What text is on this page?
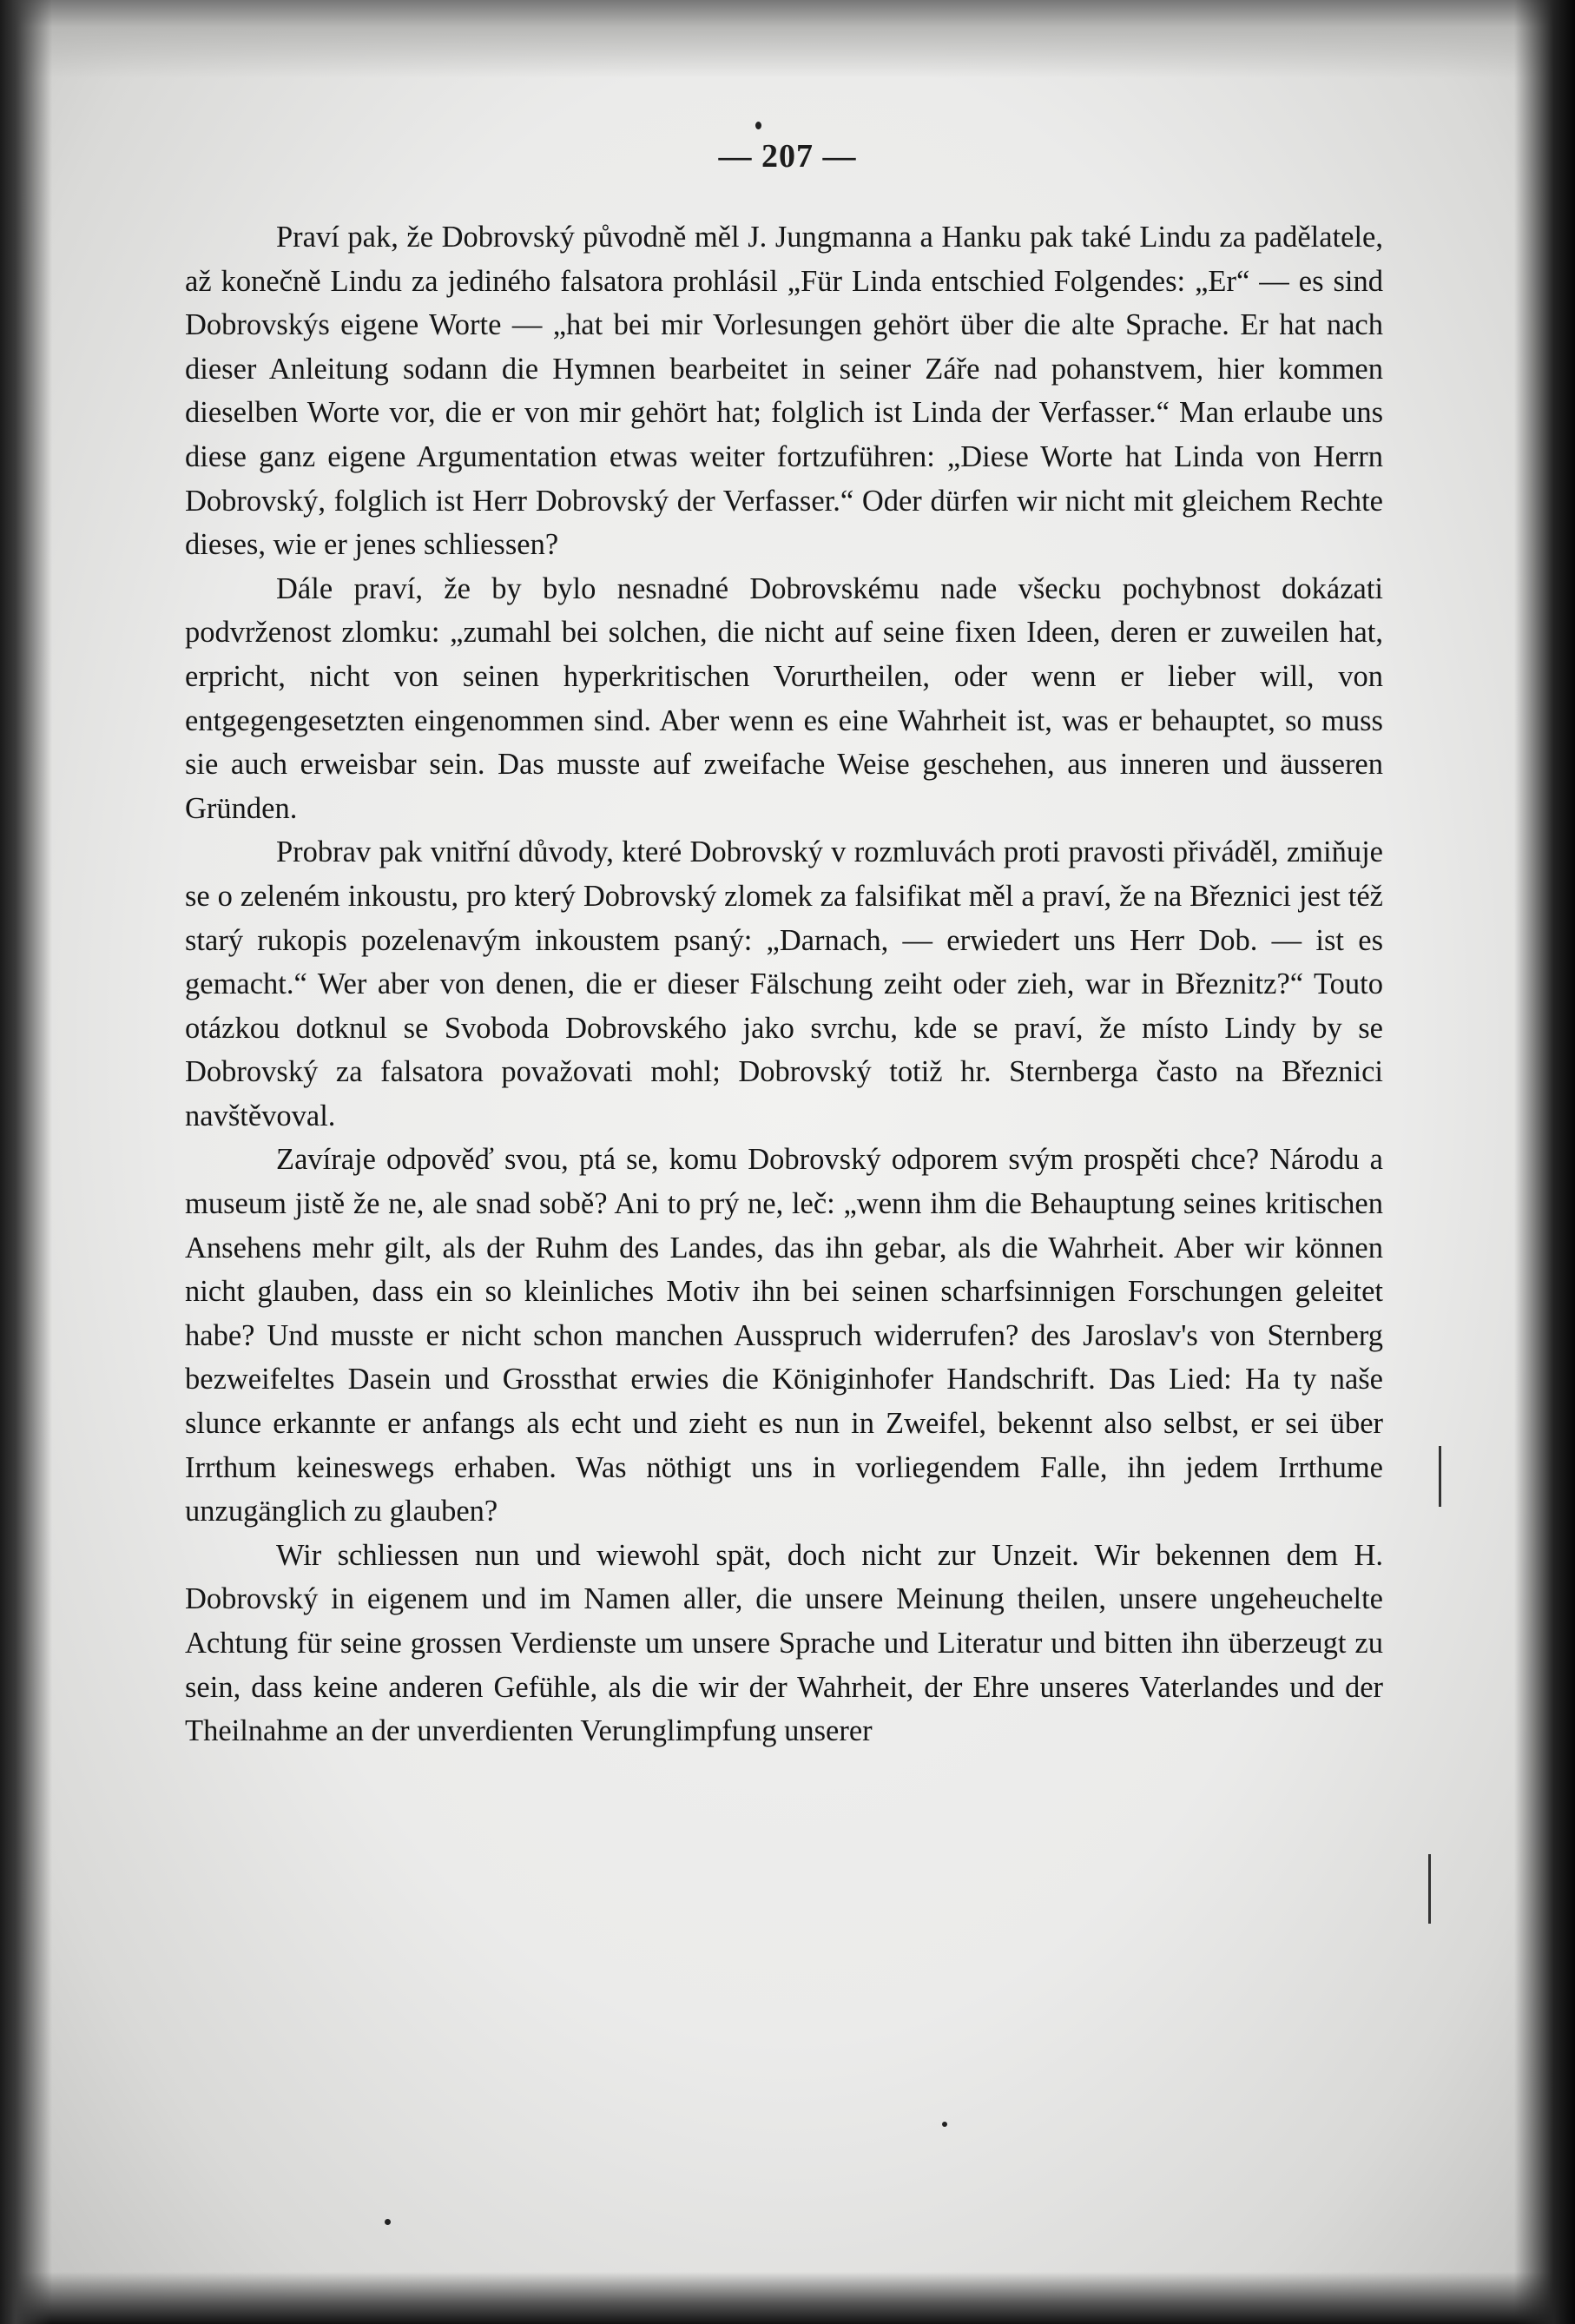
— 207 —

Praví pak, že Dobrovský původně měl J. Jungmanna a Hanku pak také Lindu za padělatele, až konečně Lindu za jediného falsatora prohlásil „Für Linda entschied Folgendes: „Er“ — es sind Dobrovskýs eigene Worte — „hat bei mir Vorlesungen gehört über die alte Sprache. Er hat nach dieser Anleitung sodann die Hymnen bearbeitet in seiner Záře nad pohanstvem, hier kommen dieselben Worte vor, die er von mir gehört hat; folglich ist Linda der Verfasser.“ Man erlaube uns diese ganz eigene Argumentation etwas weiter fortzuführen: „Diese Worte hat Linda von Herrn Dobrovský, folglich ist Herr Dobrovský der Verfasser.“ Oder dürfen wir nicht mit gleichem Rechte dieses, wie er jenes schliessen?

Dále praví, že by bylo nesnadné Dobrovskému nade všecku pochybnost dokázati podvrženost zlomku: „zumahl bei solchen, die nicht auf seine fixen Ideen, deren er zuweilen hat, erpricht, nicht von seinen hyperkritischen Vorurtheilen, oder wenn er lieber will, von entgegengesetzten eingenommen sind. Aber wenn es eine Wahrheit ist, was er behauptet, so muss sie auch erweisbar sein. Das musste auf zweifache Weise geschehen, aus inneren und äusseren Gründen.

Probrav pak vnitřní důvody, které Dobrovský v rozmluvách proti pravosti přiváděl, zmiňuje se o zeleném inkoustu, pro který Dobrovský zlomek za falsifikat měl a praví, že na Březnici jest též starý rukopis pozelenavým inkoustem psaný: „Darnach, — erwiedert uns Herr Dob. — ist es gemacht.“ Wer aber von denen, die er dieser Fälschung zeiht oder zieh, war in Březnitz?“ Touto otázkou dotknul se Svoboda Dobrovského jako svrchu, kde se praví, že místo Lindy by se Dobrovský za falsatora považovati mohl; Dobrovský totiž hr. Sternberga často na Březnici navštěvoval.

Zavíraje odpověď svou, ptá se, komu Dobrovský odporem svým prospěti chce? Národu a museum jistě že ne, ale snad sobě? Ani to prý ne, leč: „wenn ihm die Behauptung seines kritischen Ansehens mehr gilt, als der Ruhm des Landes, das ihn gebar, als die Wahrheit. Aber wir können nicht glauben, dass ein so kleinliches Motiv ihn bei seinen scharfsinnigen Forschungen geleitet habe? Und musste er nicht schon manchen Ausspruch widerrufen? des Jaroslav's von Sternberg bezweifeltes Dasein und Grossthat erwies die Königinhofer Handschrift. Das Lied: Ha ty naše slunce erkannte er anfangs als echt und zieht es nun in Zweifel, bekennt also selbst, er sei über Irrthum keineswegs erhaben. Was nöthigt uns in vorliegendem Falle, ihn jedem Irrthume unzugänglich zu glauben?

Wir schliessen nun und wiewohl spät, doch nicht zur Unzeit. Wir bekennen dem H. Dobrovský in eigenem und im Namen aller, die unsere Meinung theilen, unsere ungeheuchelte Achtung für seine grossen Verdienste um unsere Sprache und Literatur und bitten ihn überzeugt zu sein, dass keine anderen Gefühle, als die wir der Wahrheit, der Ehre unseres Vaterlandes und der Theilnahme an der unverdienten Verunglimpfung unserer
